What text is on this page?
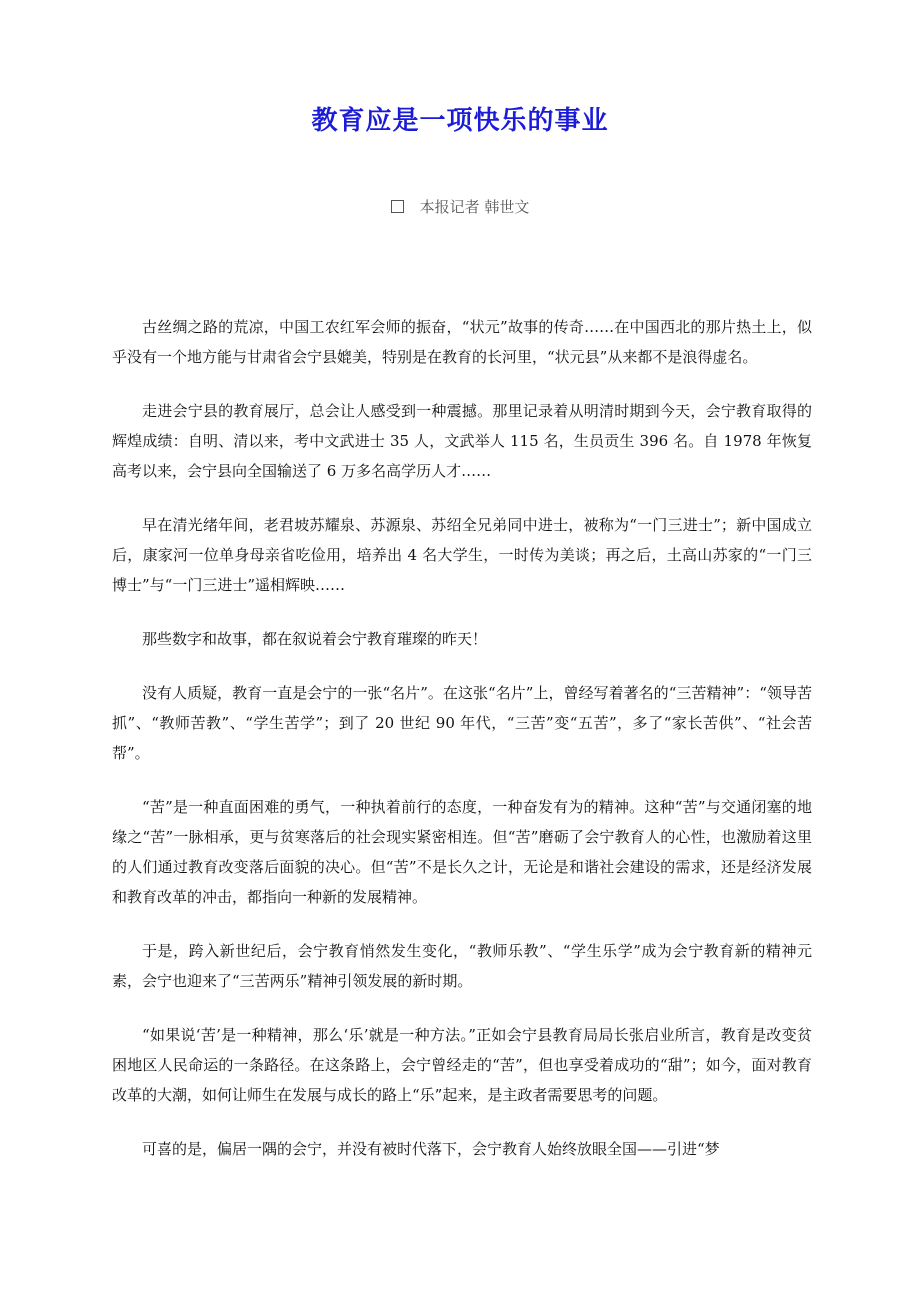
教育应是一项快乐的事业
本报记者 韩世文

古丝绸之路的荒凉，中国工农红军会师的振奋，“状元”故事的传奇……在中国西北的那片热土上，似乎没有一个地方能与甘肃省会宁县媲美，特别是在教育的长河里，“状元县”从来都不是浪得虚名。

走进会宁县的教育展厅，总会让人感受到一种震撼。那里记录着从明清时期到今天，会宁教育取得的辉煌成绩：自明、清以来，考中文武进士 35 人，文武举人 115 名，生员贡生 396 名。自 1978 年恢复高考以来，会宁县向全国输送了 6 万多名高学历人才……

早在清光绪年间，老君坡苏耀泉、苏源泉、苏绍全兄弟同中进士，被称为“一门三进士”；新中国成立后，康家河一位单身母亲省吃俭用，培养出 4 名大学生，一时传为美谈；再之后，土高山苏家的“一门三博士”与“一门三进士”遥相辉映……

那些数字和故事，都在叙说着会宁教育璀璨的昨天！

没有人质疑，教育一直是会宁的一张“名片”。在这张“名片”上，曾经写着著名的“三苦精神”：“领导苦抓”、“教师苦教”、“学生苦学”；到了 20 世纪 90 年代，“三苦”变“五苦”，多了“家长苦供”、“社会苦帮”。

“苦”是一种直面困难的勇气，一种执着前行的态度，一种奋发有为的精神。这种“苦”与交通闭塞的地缘之“苦”一脉相承，更与贫寒落后的社会现实紧密相连。但“苦”磨砺了会宁教育人的心性，也激励着这里的人们通过教育改变落后面貌的决心。但“苦”不是长久之计，无论是和谐社会建设的需求，还是经济发展和教育改革的冲击，都指向一种新的发展精神。

于是，跨入新世纪后，会宁教育悄然发生变化，“教师乐教”、“学生乐学”成为会宁教育新的精神元素，会宁也迎来了“三苦两乐”精神引领发展的新时期。

“如果说‘苦’是一种精神，那么‘乐’就是一种方法。”正如会宁县教育局局长张启业所言，教育是改变贫困地区人民命运的一条路径。在这条路上，会宁曾经走的“苦”，但也享受着成功的“甜”；如今，面对教育改革的大潮，如何让师生在发展与成长的路上“乐”起来，是主政者需要思考的问题。

可喜的是，偏居一隅的会宁，并没有被时代落下，会宁教育人始终放眼全国——引进“梦
